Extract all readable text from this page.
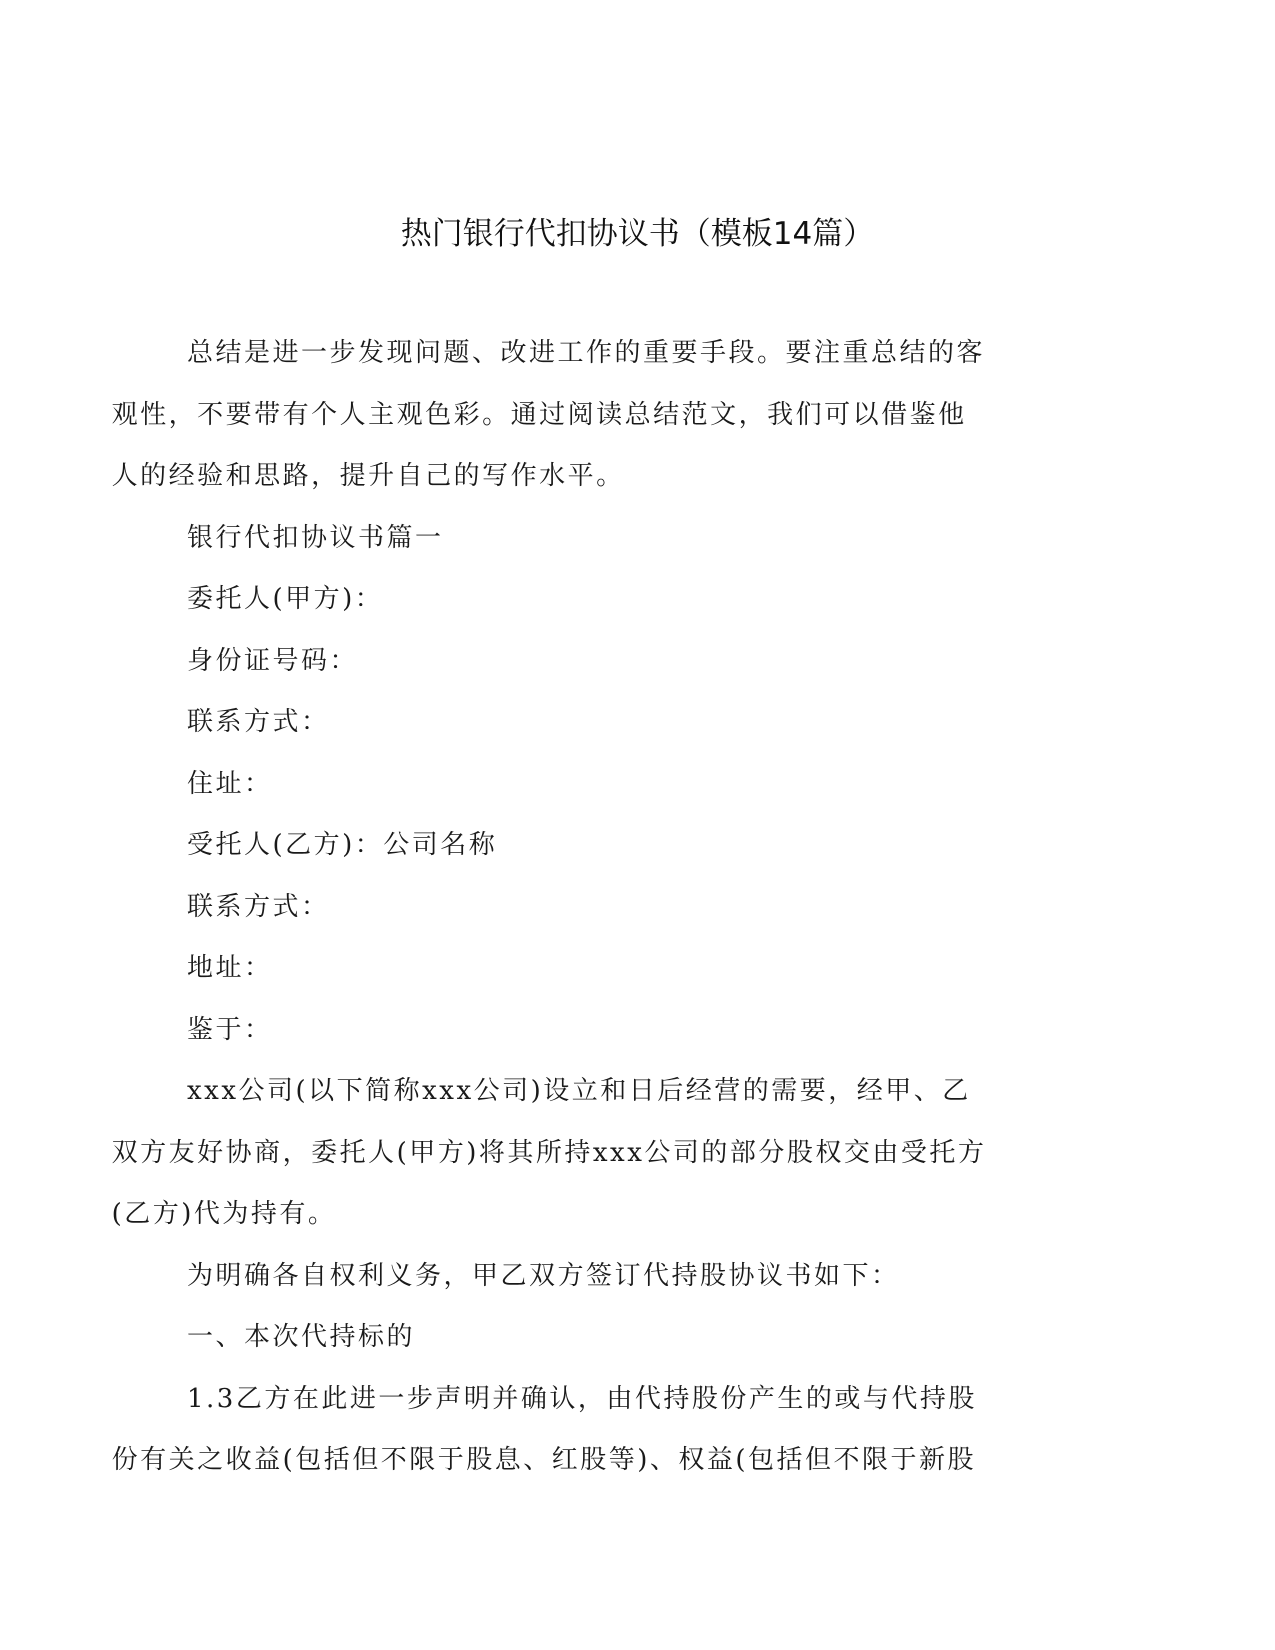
热门银行代扣协议书（模板14篇）

总结是进一步发现问题、改进工作的重要手段。要注重总结的客
观性，不要带有个人主观色彩。通过阅读总结范文，我们可以借鉴他
人的经验和思路，提升自己的写作水平。

银行代扣协议书篇一

委托人(甲方)：

身份证号码：

联系方式：

住址：

受托人(乙方)：公司名称

联系方式：

地址：

鉴于：

xxx公司(以下简称xxx公司)设立和日后经营的需要，经甲、乙
双方友好协商，委托人(甲方)将其所持xxx公司的部分股权交由受托方
(乙方)代为持有。

为明确各自权利义务，甲乙双方签订代持股协议书如下：

一、本次代持标的

1.3乙方在此进一步声明并确认，由代持股份产生的或与代持股
份有关之收益(包括但不限于股息、红股等)、权益(包括但不限于新股
